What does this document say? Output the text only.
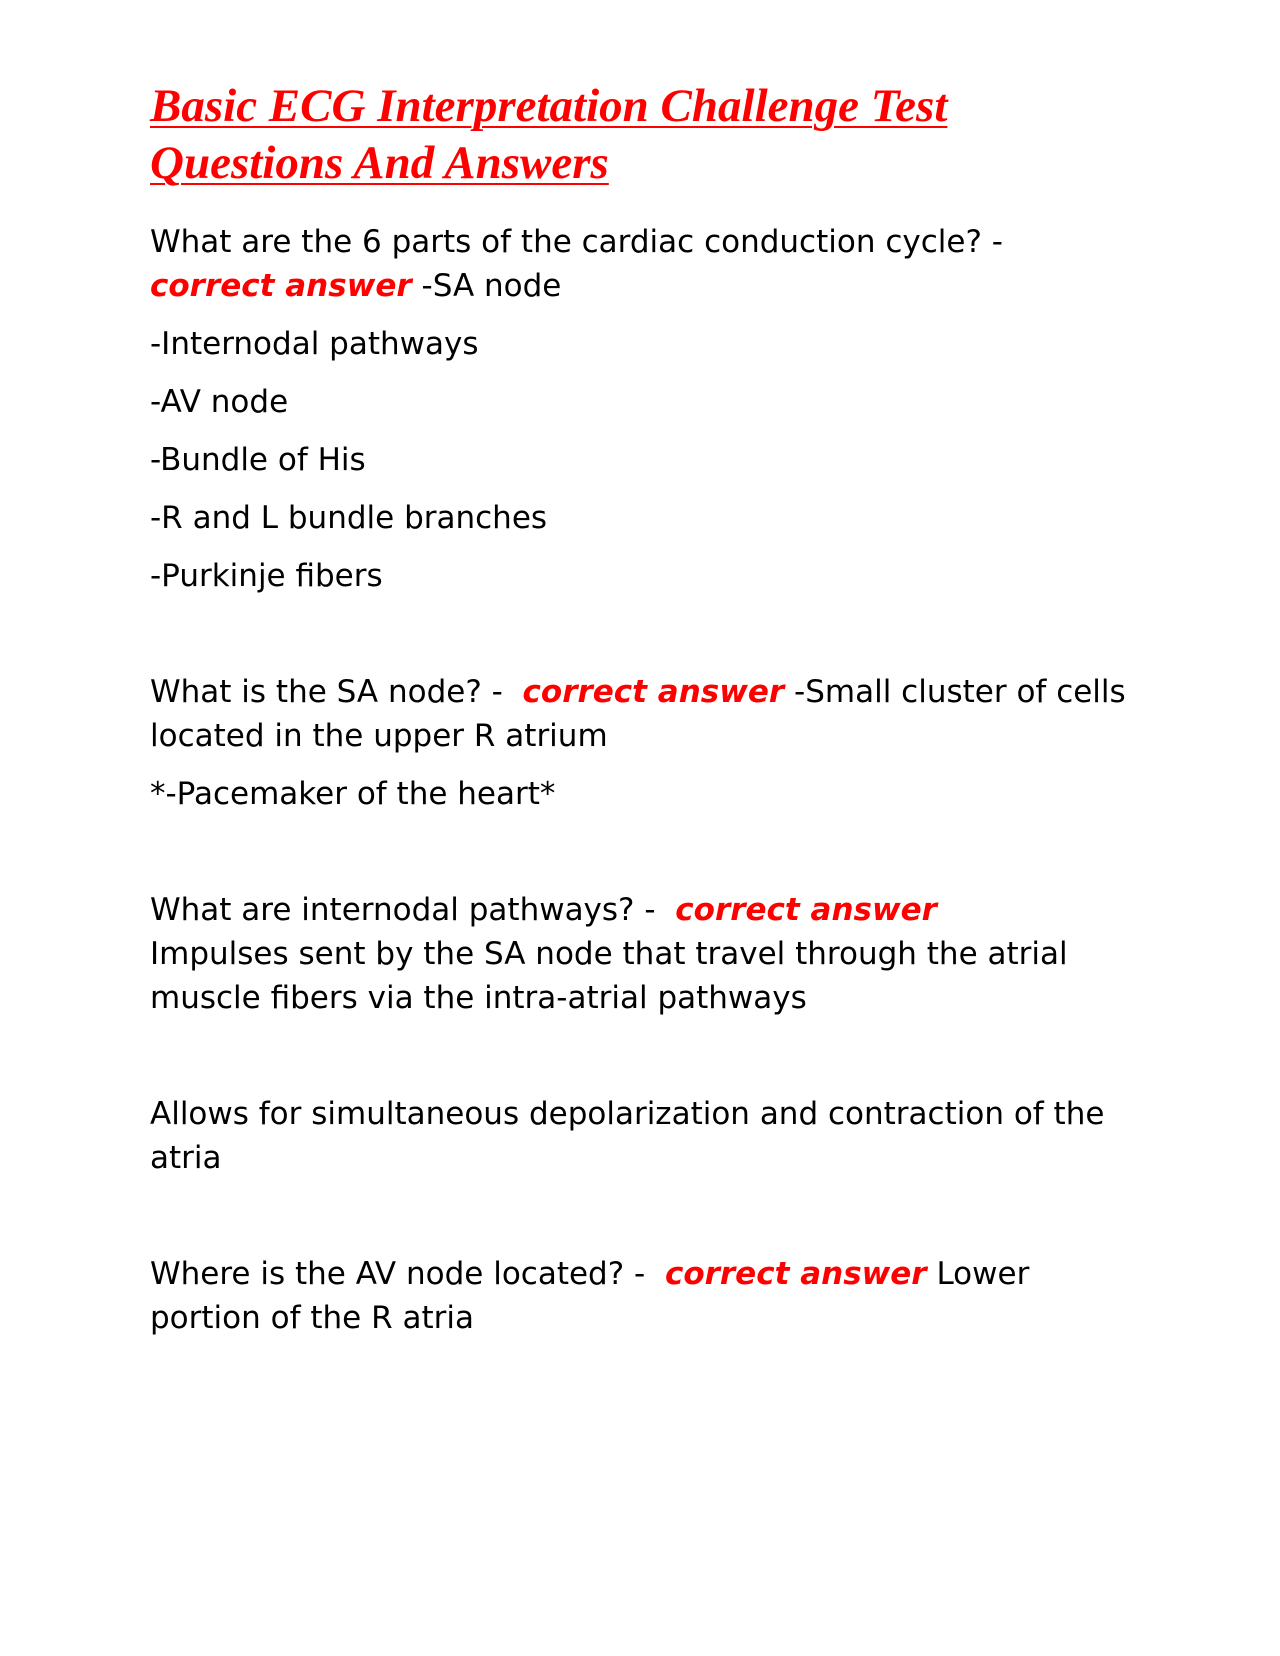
Basic ECG Interpretation Challenge Test
Questions And Answers

What are the 6 parts of the cardiac conduction cycle? -
correct answer -SA node

-Internodal pathways

-AV node

-Bundle of His

-R and L bundle branches

-Purkinje fibers

What is the SA node? -  correct answer -Small cluster of cells located in the upper R atrium

*-Pacemaker of the heart*

What are internodal pathways? -  correct answer
Impulses sent by the SA node that travel through the atrial muscle fibers via the intra-atrial pathways

Allows for simultaneous depolarization and contraction of the atria

Where is the AV node located? -  correct answer Lower portion of the R atria
